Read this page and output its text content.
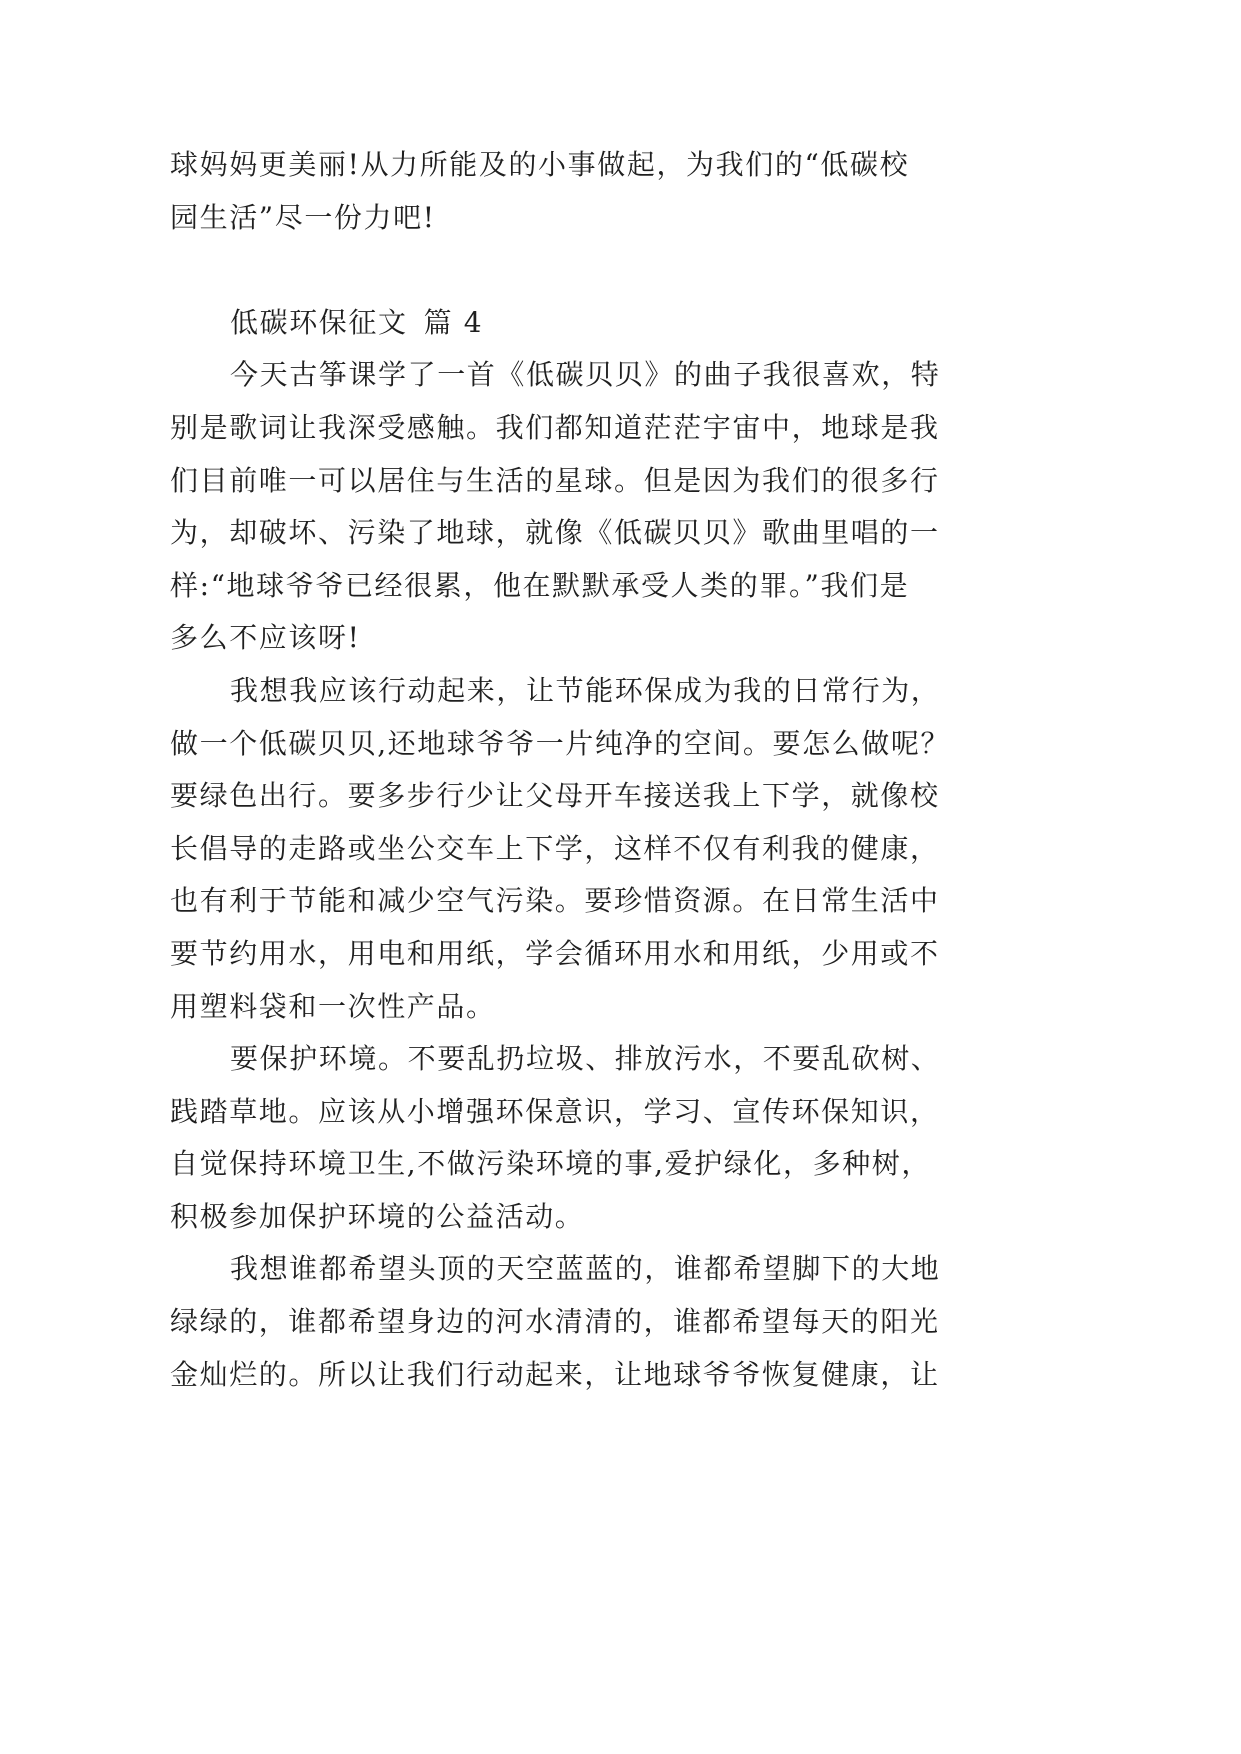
球妈妈更美丽!从力所能及的小事做起，为我们的“低碳校
园生活”尽一份力吧!
低碳环保征文 篇 4
今天古筝课学了一首《低碳贝贝》的曲子我很喜欢，特
别是歌词让我深受感触。我们都知道茫茫宇宙中，地球是我
们目前唯一可以居住与生活的星球。但是因为我们的很多行
为，却破坏、污染了地球，就像《低碳贝贝》歌曲里唱的一
样:“地球爷爷已经很累，他在默默承受人类的罪。”我们是
多么不应该呀!
我想我应该行动起来，让节能环保成为我的日常行为，
做一个低碳贝贝,还地球爷爷一片纯净的空间。要怎么做呢？
要绿色出行。要多步行少让父母开车接送我上下学，就像校
长倡导的走路或坐公交车上下学，这样不仅有利我的健康，
也有利于节能和减少空气污染。要珍惜资源。在日常生活中
要节约用水，用电和用纸，学会循环用水和用纸，少用或不
用塑料袋和一次性产品。
要保护环境。不要乱扔垃圾、排放污水，不要乱砍树、
践踏草地。应该从小增强环保意识，学习、宣传环保知识，
自觉保持环境卫生,不做污染环境的事,爱护绿化，多种树，
积极参加保护环境的公益活动。
我想谁都希望头顶的天空蓝蓝的，谁都希望脚下的大地
绿绿的，谁都希望身边的河水清清的，谁都希望每天的阳光
金灿烂的。所以让我们行动起来，让地球爷爷恢复健康，让
